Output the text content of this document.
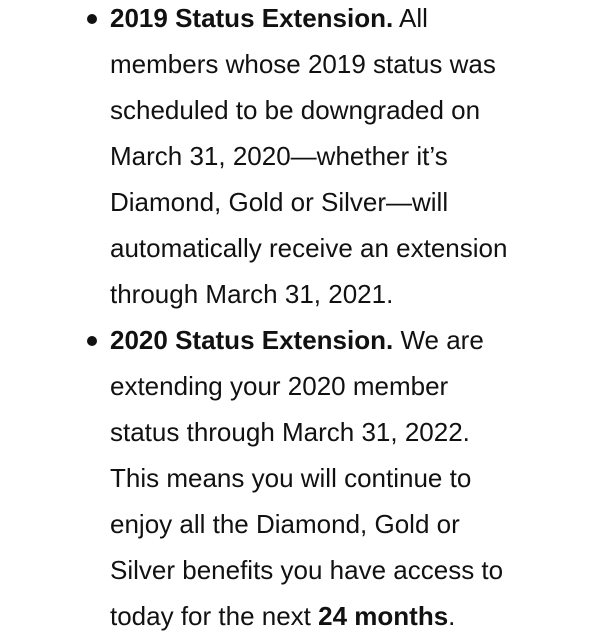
2019 Status Extension. All
members whose 2019 status was
scheduled to be downgraded on
March 31, 2020—whether it’s
Diamond, Gold or Silver—will
automatically receive an extension
through March 31, 2021.
2020 Status Extension. We are
extending your 2020 member
status through March 31, 2022.
This means you will continue to
enjoy all the Diamond, Gold or
Silver benefits you have access to
today for the next 24 months.
